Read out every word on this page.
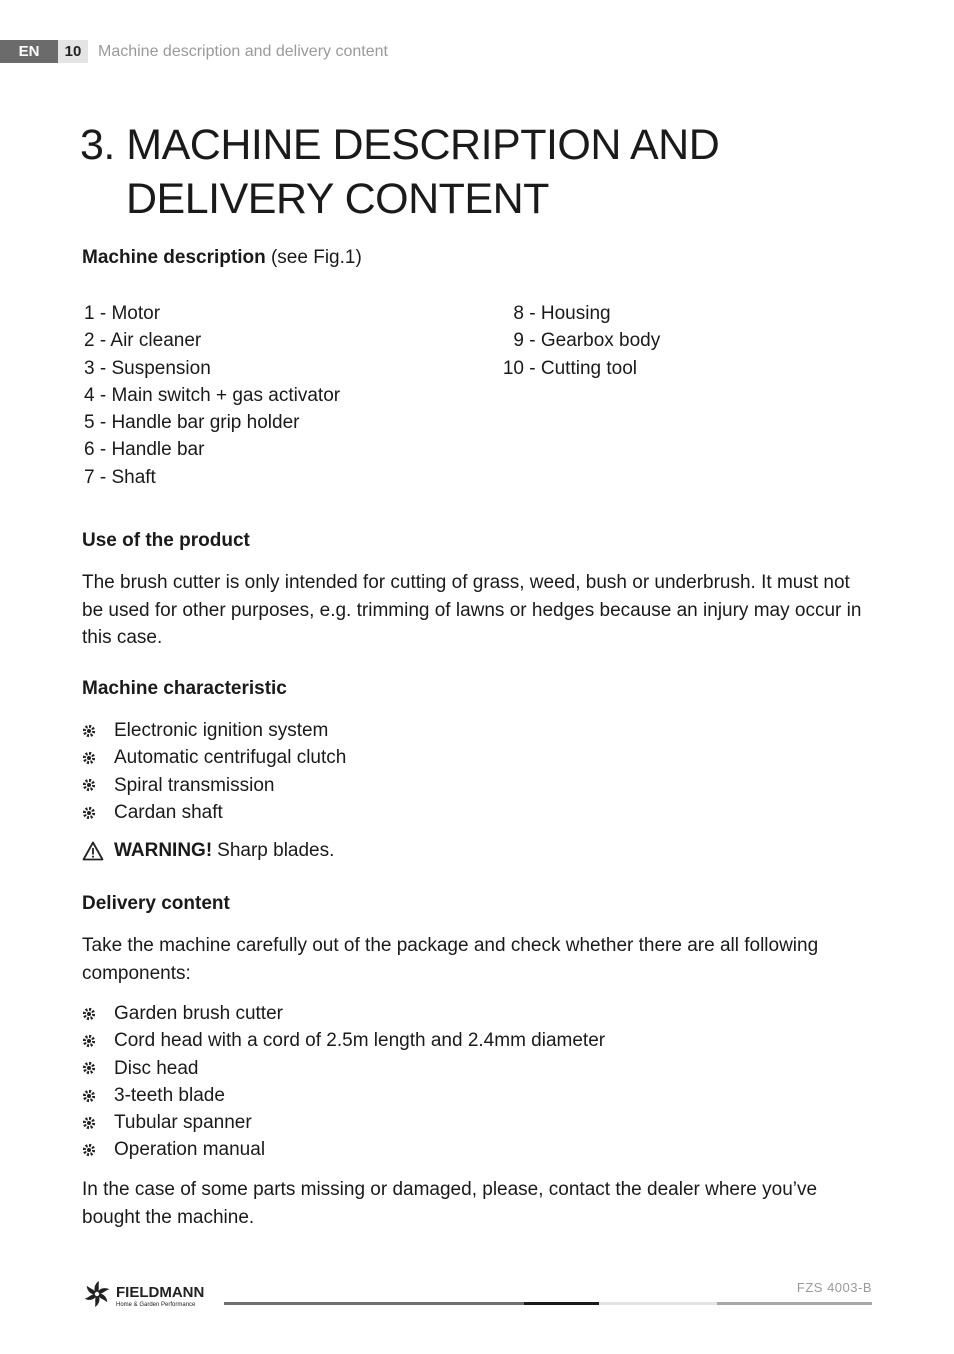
EN	10	Machine description and delivery content
3. MACHINE DESCRIPTION AND
DELIVERY CONTENT
Machine description (see Fig.1)
1 - Motor
2 - Air cleaner
3 - Suspension
4 - Main switch + gas activator
5 - Handle bar grip holder
6 - Handle bar
7 - Shaft
8 - Housing
9 - Gearbox body
10 - Cutting tool
Use of the product

The brush cutter is only intended for cutting of grass, weed, bush or underbrush. It must not be used for other purposes, e.g. trimming of lawns or hedges because an injury may occur in this case.

Machine characteristic
Electronic ignition system
Automatic centrifugal clutch
Spiral transmission
Cardan shaft
WARNING! Sharp blades.
Delivery content

Take the machine carefully out of the package and check whether there are all following components:

Garden brush cutter
Cord head with a cord of 2.5m length and 2.4mm diameter
Disc head
3-teeth blade
Tubular spanner
Operation manual

In the case of some parts missing or damaged, please, contact the dealer where you’ve bought the machine.

FIELDMANN
Home & Garden Performance
FZS 4003-B
